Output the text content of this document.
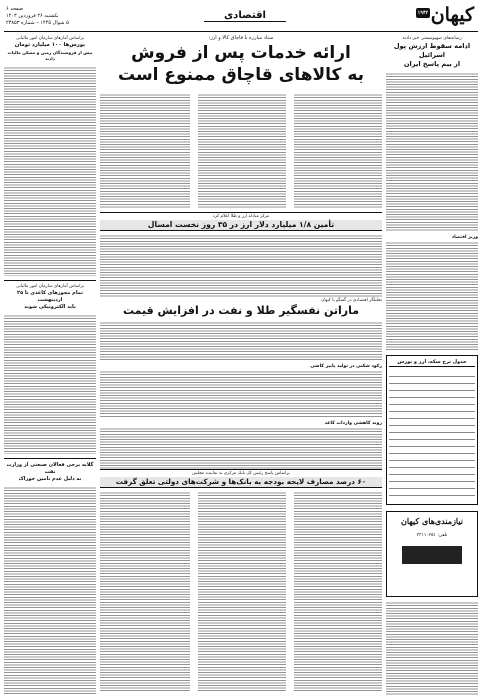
صفحه ۶
یکشنبه ۲۶ فروردین ۱۴۰۳
۵ شوال ۱۴۴۵ – شماره ۲۳۸۵۳
اقتصادی	کیهان
۱۹۴۲
رسانه‌های صهیونیستی خبر دادند
ادامه سقوط ارزش پول اسرائیل
از بیم پاسخ ایران
وزیر اقتصاد
جدول نرخ سکه، ارز و بورس
نیازمندی‌های کیهان
تلفن: ۳۳۱۱۰۲۵۱
براساس آمارهای سازمان امور مالیاتی
بورس‌ها ۱۰۰ میلیارد تومان
بیش از فروشندگان زمین و مسکن مالیات دادند
براساس آمارهای سازمان امور مالیاتی
تمام مجوزهای کاغذی تا ۲۵ اردیبهشت
باید الکترونیکی شوند
گلایه برخی فعالان صنعتی از وزارت نفت
به دلیل عدم تامین خوراک
ستاد مبارزه با قاچاق کالا و ارز:
ارائه خدمات پس از فروش
به کالاهای قاچاق ممنوع است
مرکز مبادله ارز و طلا اعلام کرد
تأمین ۱/۸ میلیارد دلار ارز در ۳۵ روز نخست امسال
تحلیلگر اقتصادی در گفتگو با کیهان
ماراتن نفسگیر طلا و نفت در افزایش قیمت
رکود شکنی در تولید پاییز کاشی
روند کاهشی واردات کاغذ
براساس پاسخ رئیس کل بانک مرکزی به نماینده مجلس
۶۰ درصد مصارف لایحه بودجه به بانک‌ها و شرکت‌های دولتی تعلق گرفت
